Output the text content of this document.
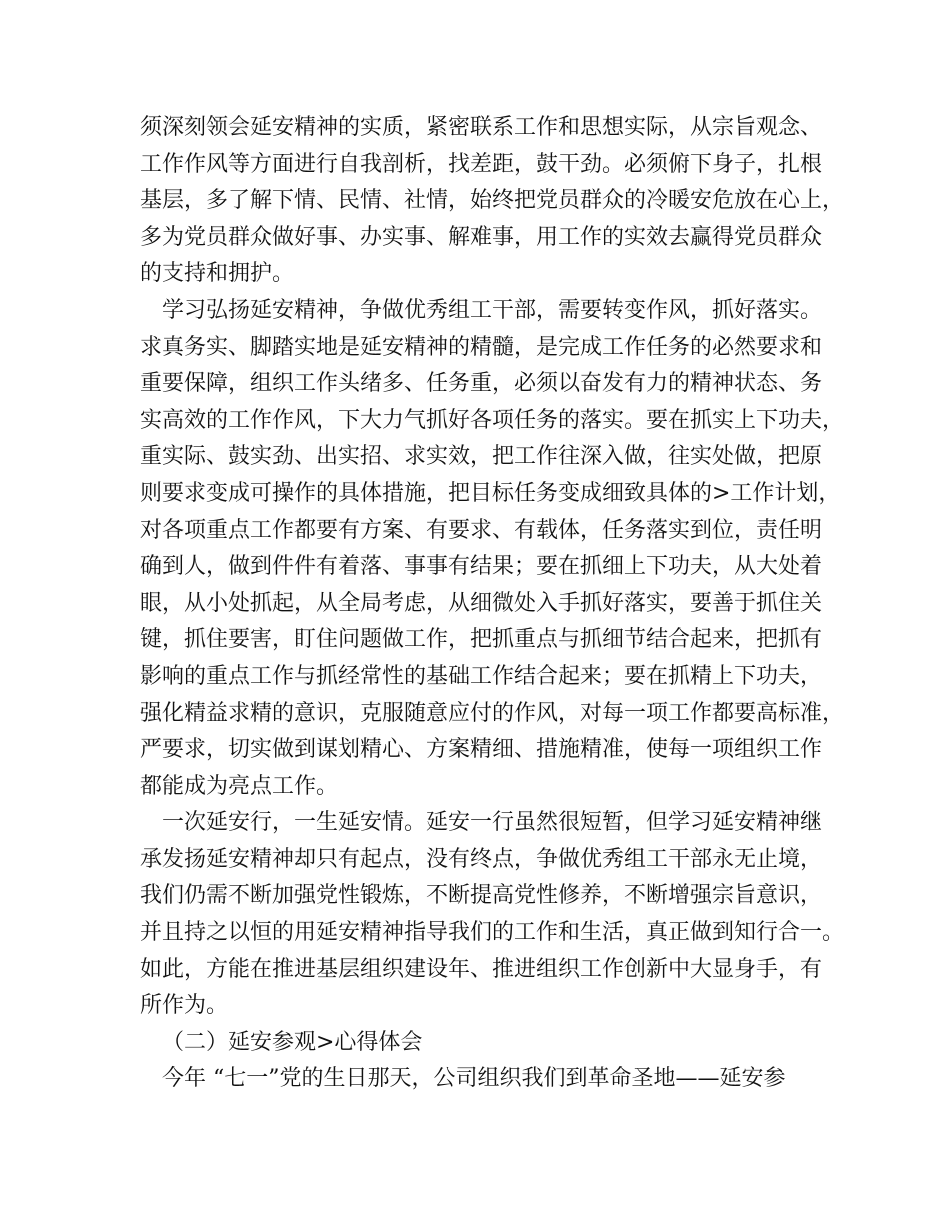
须深刻领会延安精神的实质，紧密联系工作和思想实际，从宗旨观念、
工作作风等方面进行自我剖析，找差距，鼓干劲。必须俯下身子，扎根
基层，多了解下情、民情、社情，始终把党员群众的冷暖安危放在心上，
多为党员群众做好事、办实事、解难事，用工作的实效去赢得党员群众
的支持和拥护。
学习弘扬延安精神，争做优秀组工干部，需要转变作风，抓好落实。
求真务实、脚踏实地是延安精神的精髓，是完成工作任务的必然要求和
重要保障，组织工作头绪多、任务重，必须以奋发有力的精神状态、务
实高效的工作作风，下大力气抓好各项任务的落实。要在抓实上下功夫，
重实际、鼓实劲、出实招、求实效，把工作往深入做，往实处做，把原
则要求变成可操作的具体措施，把目标任务变成细致具体的>工作计划，
对各项重点工作都要有方案、有要求、有载体，任务落实到位，责任明
确到人，做到件件有着落、事事有结果；要在抓细上下功夫，从大处着
眼，从小处抓起，从全局考虑，从细微处入手抓好落实，要善于抓住关
键，抓住要害，盯住问题做工作，把抓重点与抓细节结合起来，把抓有
影响的重点工作与抓经常性的基础工作结合起来；要在抓精上下功夫，
强化精益求精的意识，克服随意应付的作风，对每一项工作都要高标准，
严要求，切实做到谋划精心、方案精细、措施精准，使每一项组织工作
都能成为亮点工作。
一次延安行，一生延安情。延安一行虽然很短暂，但学习延安精神继
承发扬延安精神却只有起点，没有终点，争做优秀组工干部永无止境，
我们仍需不断加强党性锻炼，不断提高党性修养，不断增强宗旨意识，
并且持之以恒的用延安精神指导我们的工作和生活，真正做到知行合一。
如此，方能在推进基层组织建设年、推进组织工作创新中大显身手，有
所作为。
（二）延安参观>心得体会
今年 “七一”党的生日那天，公司组织我们到革命圣地——延安参
